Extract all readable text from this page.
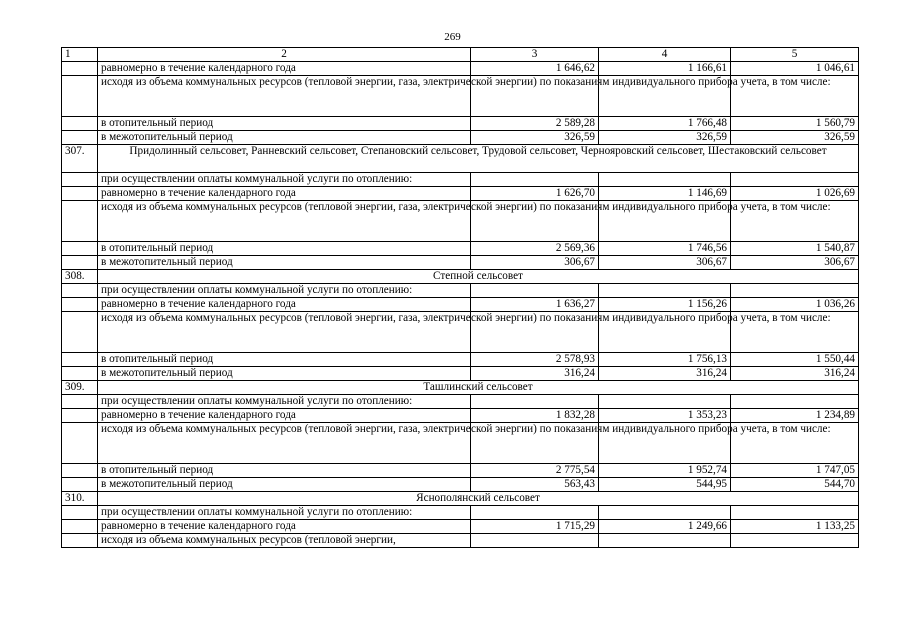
269
1	2	3	4	5
	равномерно в течение календарного года	1 646,62	1 166,61	1 046,61
	исходя из объема коммунальных ресурсов (тепловой энергии, газа, электрической энергии) по показаниям индивидуального прибора учета, в том числе:			
	в отопительный период	2 589,28	1 766,48	1 560,79
	в межотопительный период	326,59	326,59	326,59
307.	Придолинный сельсовет, Ранневский сельсовет, Степановский сельсовет, Трудовой сельсовет, Черноярoвский сельсовет, Шестаковский сельсовет			
	при осуществлении оплаты коммунальной услуги по отоплению:			
	равномерно в течение календарного года	1 626,70	1 146,69	1 026,69
	исходя из объема коммунальных ресурсов (тепловой энергии, газа, электрической энергии) по показаниям индивидуального прибора учета, в том числе:			
	в отопительный период	2 569,36	1 746,56	1 540,87
	в межотопительный период	306,67	306,67	306,67
308.	Степной сельсовет			
	при осуществлении оплаты коммунальной услуги по отоплению:			
	равномерно в течение календарного года	1 636,27	1 156,26	1 036,26
	исходя из объема коммунальных ресурсов (тепловой энергии, газа, электрической энергии) по показаниям индивидуального прибора учета, в том числе:			
	в отопительный период	2 578,93	1 756,13	1 550,44
	в межотопительный период	316,24	316,24	316,24
309.	Ташлинский сельсовет			
	при осуществлении оплаты коммунальной услуги по отоплению:			
	равномерно в течение календарного года	1 832,28	1 353,23	1 234,89
	исходя из объема коммунальных ресурсов (тепловой энергии, газа, электрической энергии) по показаниям индивидуального прибора учета, в том числе:			
	в отопительный период	2 775,54	1 952,74	1 747,05
	в межотопительный период	563,43	544,95	544,70
310.	Яснополянский сельсовет			
	при осуществлении оплаты коммунальной услуги по отоплению:			
	равномерно в течение календарного года	1 715,29	1 249,66	1 133,25
	исходя из объема коммунальных ресурсов (тепловой энергии,			
